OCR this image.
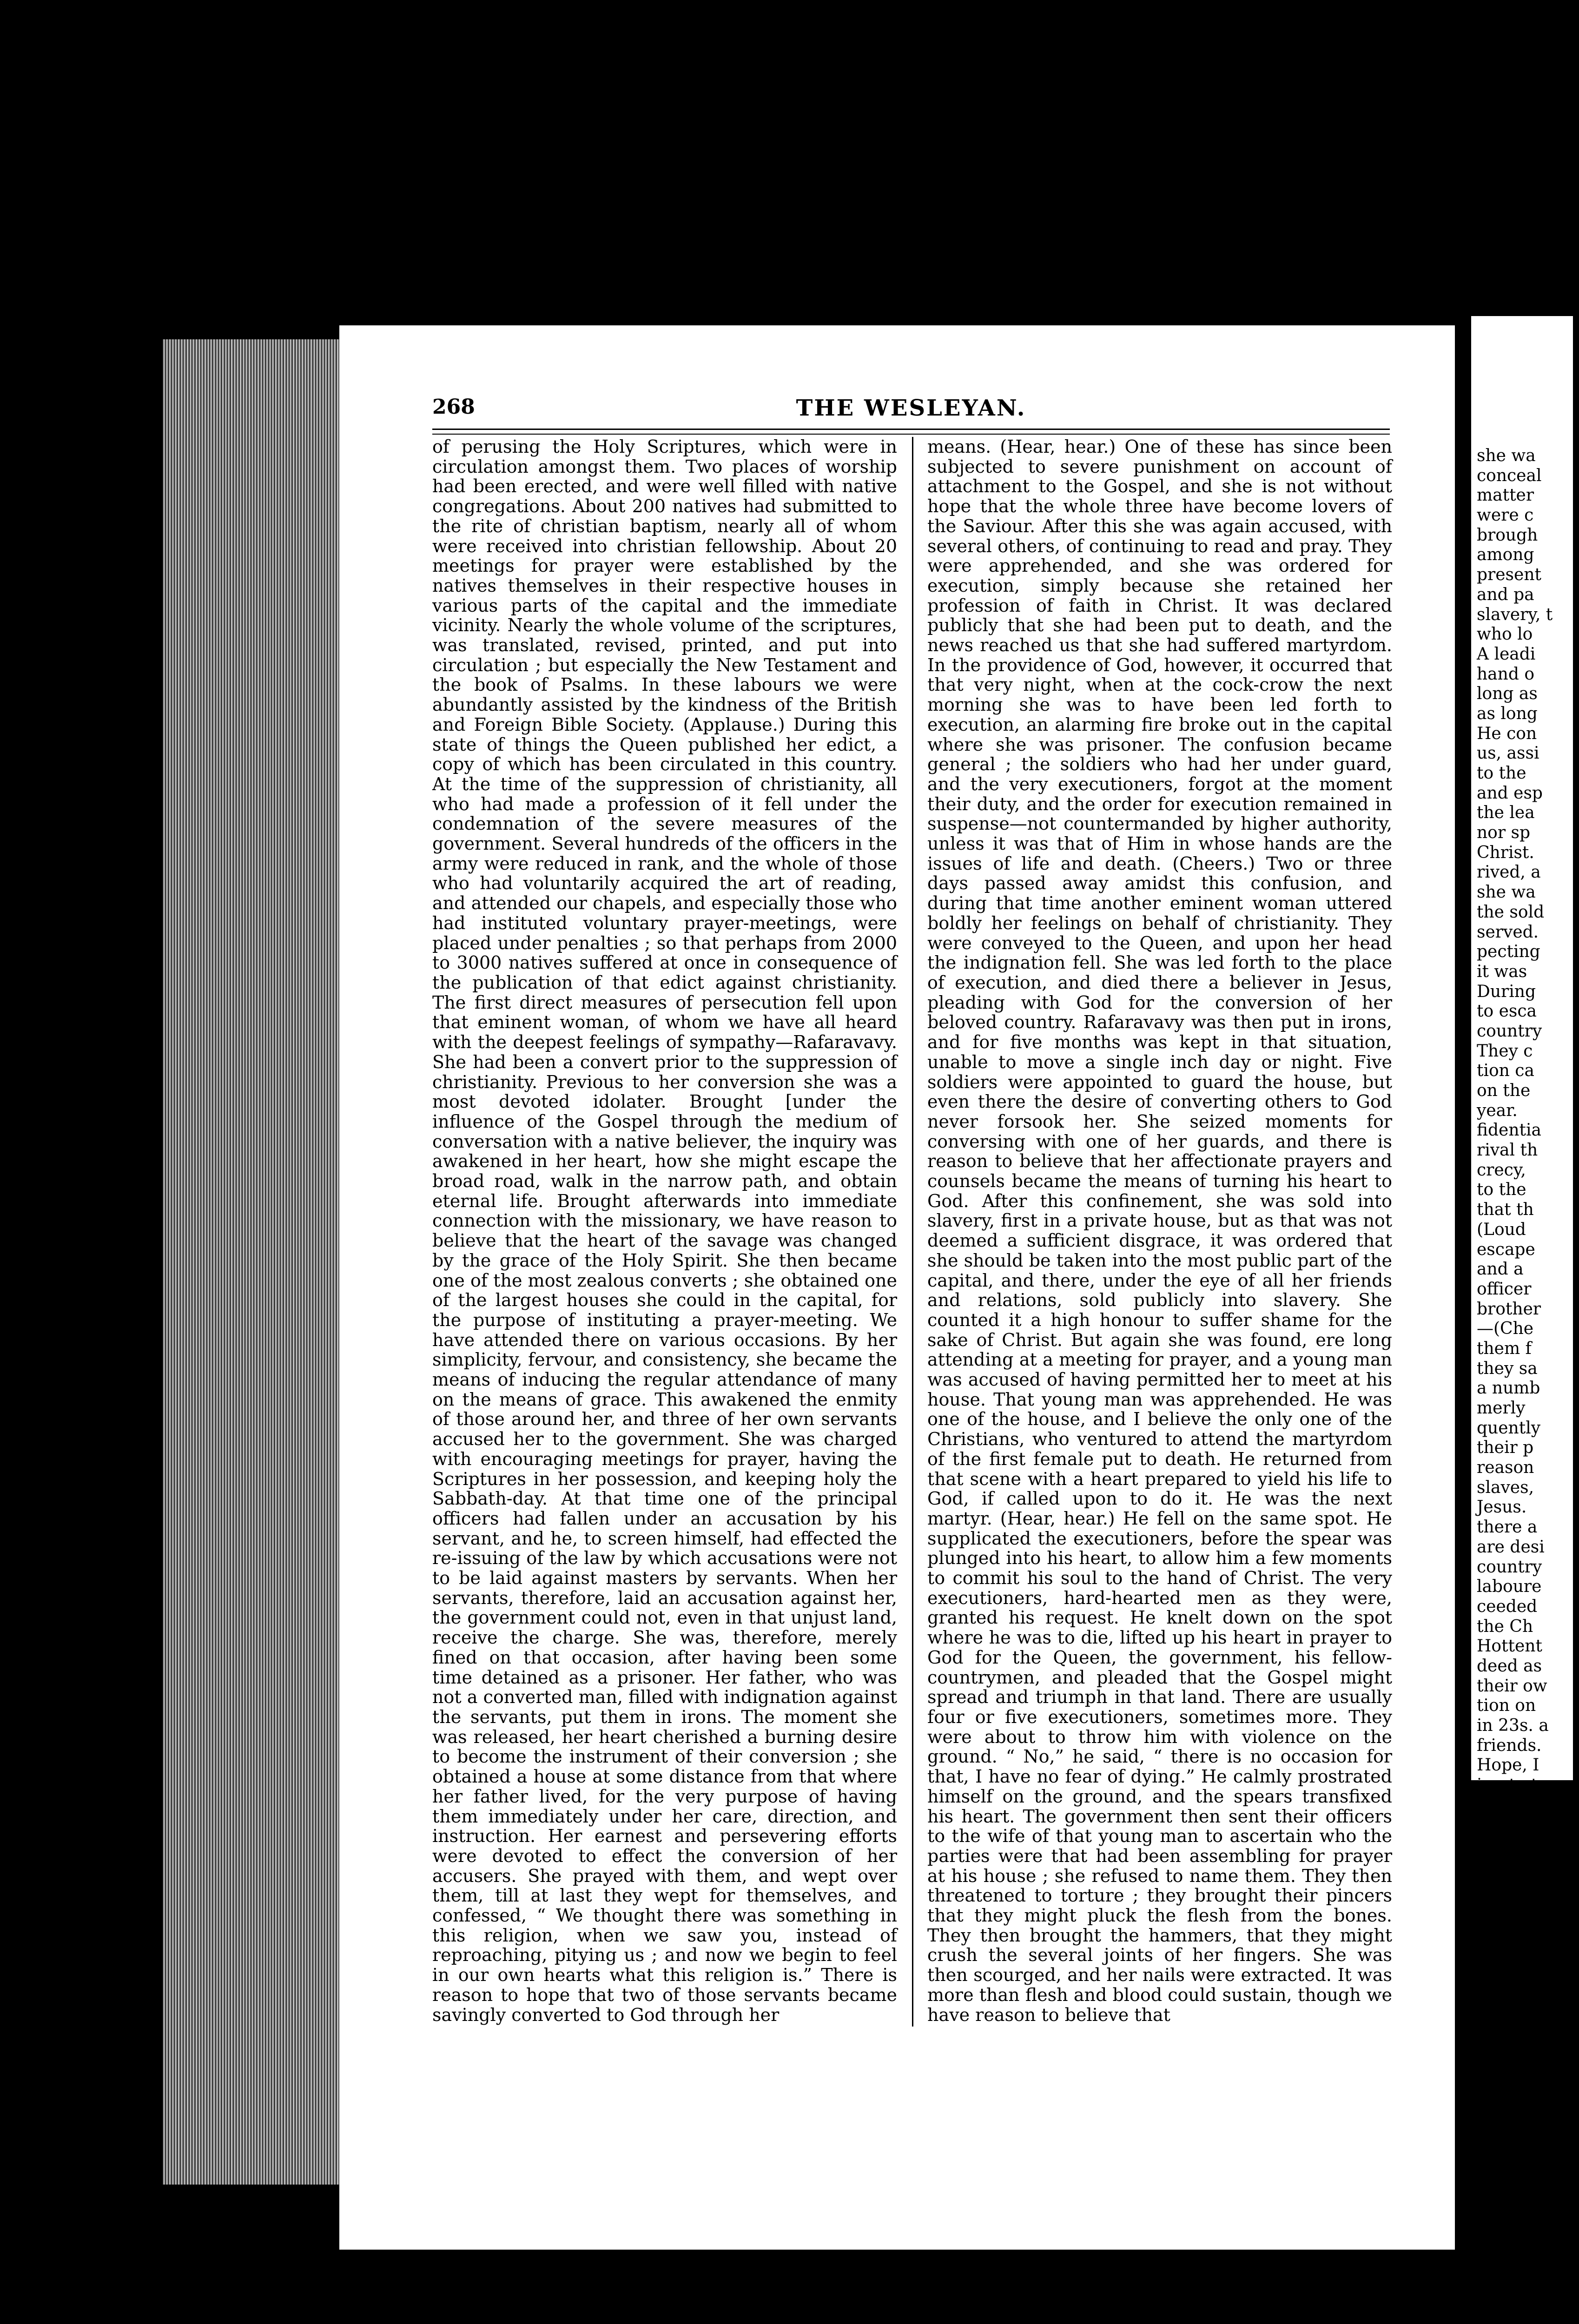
268	THE WESLEYAN.

of perusing the Holy Scriptures, which were in circulation amongst them. Two places of worship had been erected, and were well filled with native congregations. About 200 natives had submitted to the rite of christian baptism, nearly all of whom were received into christian fellowship. About 20 meetings for prayer were established by the natives themselves in their respective houses in various parts of the capital and the immediate vicinity. Nearly the whole volume of the scriptures, was translated, revised, printed, and put into circulation ; but especially the New Testament and the book of Psalms. In these labours we were abundantly assisted by the kindness of the British and Foreign Bible Society. (Applause.) During this state of things the Queen published her edict, a copy of which has been circulated in this country. At the time of the suppression of christianity, all who had made a profession of it fell under the condemnation of the severe measures of the government. Several hundreds of the officers in the army were reduced in rank, and the whole of those who had voluntarily acquired the art of reading, and attended our chapels, and especially those who had instituted voluntary prayer-meetings, were placed under penalties ; so that perhaps from 2000 to 3000 natives suffered at once in consequence of the publication of that edict against christianity. The first direct measures of persecution fell upon that eminent woman, of whom we have all heard with the deepest feelings of sympathy—Rafaravavy. She had been a convert prior to the suppression of christianity. Previous to her conversion she was a most devoted idolater. Brought [under the influence of the Gospel through the medium of conversation with a native believer, the inquiry was awakened in her heart, how she might escape the broad road, walk in the narrow path, and obtain eternal life. Brought afterwards into immediate connection with the missionary, we have reason to believe that the heart of the savage was changed by the grace of the Holy Spirit. She then became one of the most zealous converts ; she obtained one of the largest houses she could in the capital, for the purpose of instituting a prayer-meeting. We have attended there on various occasions. By her simplicity, fervour, and consistency, she became the means of inducing the regular attendance of many on the means of grace. This awakened the enmity of those around her, and three of her own servants accused her to the government. She was charged with encouraging meetings for prayer, having the Scriptures in her possession, and keeping holy the Sabbath-day. At that time one of the principal officers had fallen under an accusation by his servant, and he, to screen himself, had effected the re-issuing of the law by which accusations were not to be laid against masters by servants. When her servants, therefore, laid an accusation against her, the government could not, even in that unjust land, receive the charge. She was, therefore, merely fined on that occasion, after having been some time detained as a prisoner. Her father, who was not a converted man, filled with indignation against the servants, put them in irons. The moment she was released, her heart cherished a burning desire to become the instrument of their conversion ; she obtained a house at some distance from that where her father lived, for the very purpose of having them immediately under her care, direction, and instruction. Her earnest and persevering efforts were devoted to effect the conversion of her accusers. She prayed with them, and wept over them, till at last they wept for themselves, and confessed, “ We thought there was something in this religion, when we saw you, instead of reproaching, pitying us ; and now we begin to feel in our own hearts what this religion is.” There is reason to hope that two of those servants became savingly converted to God through her

means. (Hear, hear.) One of these has since been subjected to severe punishment on account of attachment to the Gospel, and she is not without hope that the whole three have become lovers of the Saviour. After this she was again accused, with several others, of continuing to read and pray. They were apprehended, and she was ordered for execution, simply because she retained her profession of faith in Christ. It was declared publicly that she had been put to death, and the news reached us that she had suffered martyrdom. In the providence of God, however, it occurred that that very night, when at the cock-crow the next morning she was to have been led forth to execution, an alarming fire broke out in the capital where she was prisoner. The confusion became general ; the soldiers who had her under guard, and the very executioners, forgot at the moment their duty, and the order for execution remained in suspense—not countermanded by higher authority, unless it was that of Him in whose hands are the issues of life and death. (Cheers.) Two or three days passed away amidst this confusion, and during that time another eminent woman uttered boldly her feelings on behalf of christianity. They were conveyed to the Queen, and upon her head the indignation fell. She was led forth to the place of execution, and died there a believer in Jesus, pleading with God for the conversion of her beloved country. Rafaravavy was then put in irons, and for five months was kept in that situation, unable to move a single inch day or night. Five soldiers were appointed to guard the house, but even there the desire of converting others to God never forsook her. She seized moments for conversing with one of her guards, and there is reason to believe that her affectionate prayers and counsels became the means of turning his heart to God. After this confinement, she was sold into slavery, first in a private house, but as that was not deemed a sufficient disgrace, it was ordered that she should be taken into the most public part of the capital, and there, under the eye of all her friends and relations, sold publicly into slavery. She counted it a high honour to suffer shame for the sake of Christ. But again she was found, ere long attending at a meeting for prayer, and a young man was accused of having permitted her to meet at his house. That young man was apprehended. He was one of the house, and I believe the only one of the Christians, who ventured to attend the martyrdom of the first female put to death. He returned from that scene with a heart prepared to yield his life to God, if called upon to do it. He was the next martyr. (Hear, hear.) He fell on the same spot. He supplicated the executioners, before the spear was plunged into his heart, to allow him a few moments to commit his soul to the hand of Christ. The very executioners, hard-hearted men as they were, granted his request. He knelt down on the spot where he was to die, lifted up his heart in prayer to God for the Queen, the government, his fellow-countrymen, and pleaded that the Gospel might spread and triumph in that land. There are usually four or five executioners, sometimes more. They were about to throw him with violence on the ground. “ No,” he said, “ there is no occasion for that, I have no fear of dying.” He calmly prostrated himself on the ground, and the spears transfixed his heart. The government then sent their officers to the wife of that young man to ascertain who the parties were that had been assembling for prayer at his house ; she refused to name them. They then threatened to torture ; they brought their pincers that they might pluck the flesh from the bones. They then brought the hammers, that they might crush the several joints of her fingers. She was then scourged, and her nails were extracted. It was more than flesh and blood could sustain, though we have reason to believe that

she wa
conceal
matter
were c
brough
among
present
and pa
slavery, t
who lo
A leadi
hand o
long as
as long
He con
us, assi
to the
and esp
the lea
nor sp
Christ.
rived, a
she wa
the sold
served.
pecting
it was
During
to esca
country
They c
tion ca
on the
year.
fidentia
rival th
crecy,
to the
that th
(Loud
escape
and a
officer
brother
—(Che
them f
they sa
a numb
merly
quently
their p
reason
slaves,
Jesus.
there a
are desi
country
laboure
ceeded
the Ch
Hottent
deed as
their ow
tion on
in 23s. a
friends.
Hope, I
ing to t
in them
Thus ei
and the
been be
convers
them co
and ha
them be
of the h
to add th
